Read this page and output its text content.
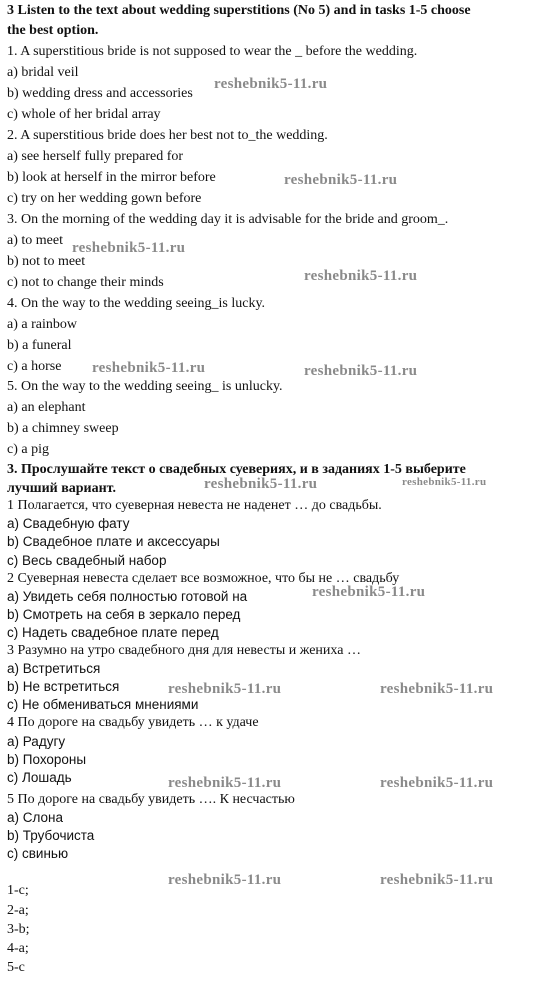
3 Listen to the text about wedding superstitions (No 5) and in tasks 1-5 choose
the best option.
1. A superstitious bride is not supposed to wear the _ before the wedding.
a) bridal veil
b) wedding dress and accessories
c) whole of her bridal array
2. A superstitious bride does her best not to_the wedding.
a) see herself fully prepared for
b) look at herself in the mirror before
c) try on her wedding gown before
3. On the morning of the wedding day it is advisable for the bride and groom_.
a) to meet
b) not to meet
c) not to change their minds
4. On the way to the wedding seeing_is lucky.
a) a rainbow
b) a funeral
c) a horse
5. On the way to the wedding seeing_ is unlucky.
a) an elephant
b) a chimney sweep
c) a pig
3. Прослушайте текст о свадебных суевериях, и в заданиях 1-5 выберите
лучший вариант.
1 Полагается, что суеверная невеста не наденет … до свадьбы.
а) Свадебную фату
b) Свадебное плате и аксессуары
с) Весь свадебный набор
2 Суеверная невеста сделает все возможное, что бы не … свадьбу
а) Увидеть себя полностью готовой на
b) Смотреть на себя в зеркало перед
с) Надеть свадебное плате перед
3 Разумно на утро свадебного дня для невесты и жениха …
а) Встретиться
b) Не встретиться
с) Не обмениваться мнениями
4 По дороге на свадьбу увидеть … к удаче
а) Радугу
b) Похороны
с) Лошадь
5 По дороге на свадьбу увидеть …. К несчастью
а) Слона
b) Трубочиста
с) свинью
1-c;
2-a;
3-b;
4-a;
5-c
reshebnik5-11.ru
reshebnik5-11.ru
reshebnik5-11.ru
reshebnik5-11.ru
reshebnik5-11.ru	reshebnik5-11.ru
reshebnik5-11.ru	reshebnik5-11.ru
reshebnik5-11.ru
reshebnik5-11.ru	reshebnik5-11.ru
reshebnik5-11.ru	reshebnik5-11.ru
reshebnik5-11.ru	reshebnik5-11.ru
